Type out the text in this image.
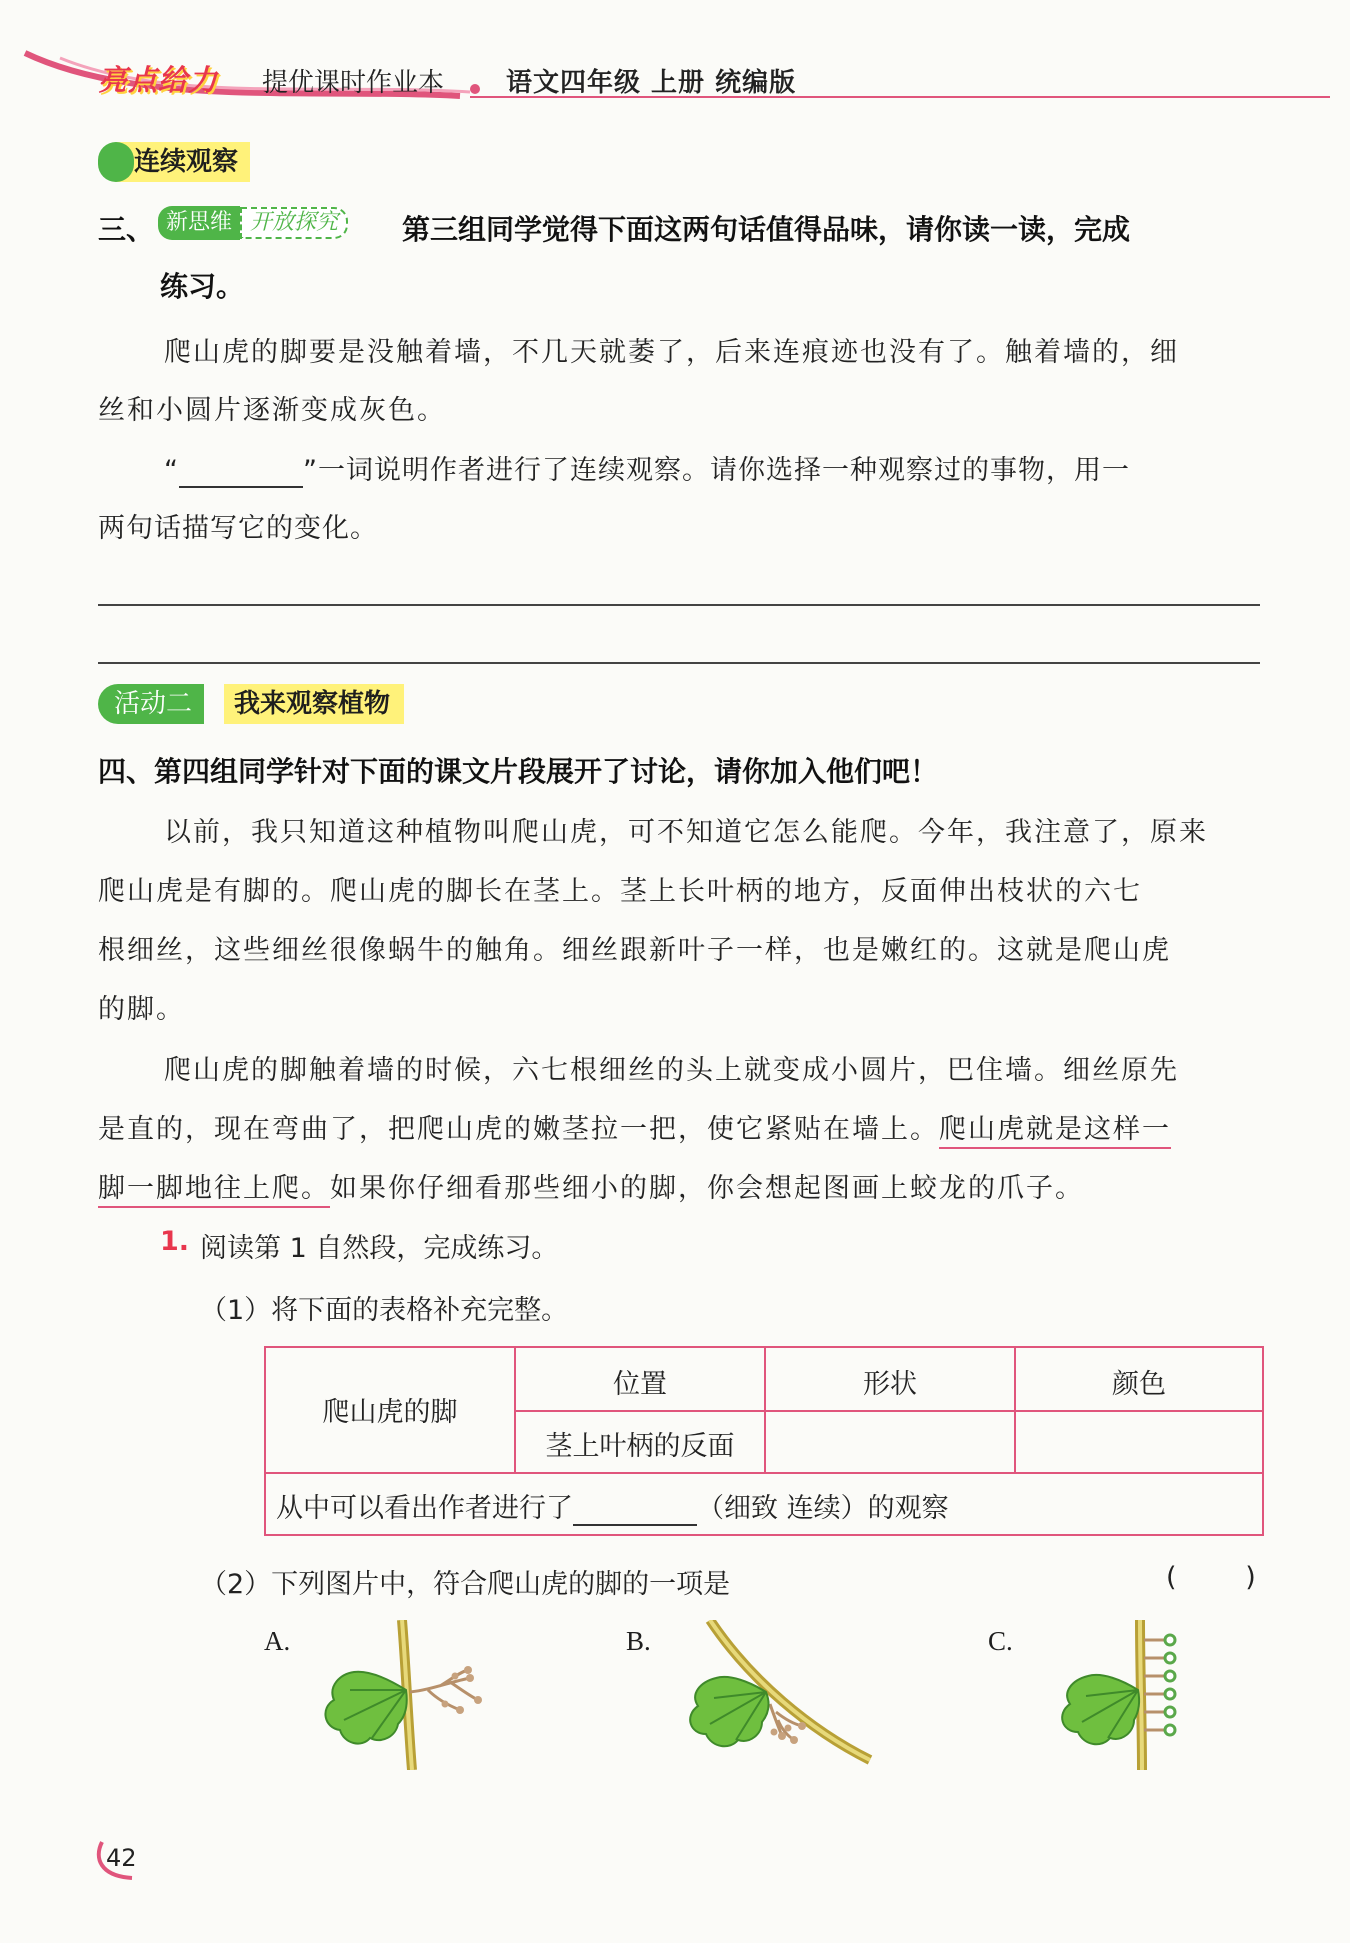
亮点给力 提优课时作业本 语文四年级 上册 统编版
连续观察
三、 新思维 开放探究	第三组同学觉得下面这两句话值得品味，请你读一读，完成
练习。
爬山虎的脚要是没触着墙，不几天就萎了，后来连痕迹也没有了。触着墙的，细
丝和小圆片逐渐变成灰色。
“	”一词说明作者进行了连续观察。请你选择一种观察过的事物，用一
两句话描写它的变化。
活动二	我来观察植物
四、第四组同学针对下面的课文片段展开了讨论，请你加入他们吧！
以前，我只知道这种植物叫爬山虎，可不知道它怎么能爬。今年，我注意了，原来
爬山虎是有脚的。爬山虎的脚长在茎上。茎上长叶柄的地方，反面伸出枝状的六七
根细丝，这些细丝很像蜗牛的触角。细丝跟新叶子一样，也是嫩红的。这就是爬山虎
的脚。
爬山虎的脚触着墙的时候，六七根细丝的头上就变成小圆片，巴住墙。细丝原先
是直的，现在弯曲了，把爬山虎的嫩茎拉一把，使它紧贴在墙上。爬山虎就是这样一
脚一脚地往上爬。如果你仔细看那些细小的脚，你会想起图画上蛟龙的爪子。
1. 阅读第 1 自然段，完成练习。
（1）将下面的表格补充完整。
爬山虎的脚
位置	形状	颜色
茎上叶柄的反面
从中可以看出作者进行了	（细致 连续）的观察
（2）下列图片中，符合爬山虎的脚的一项是	(        )
A.	B.	C.
42
